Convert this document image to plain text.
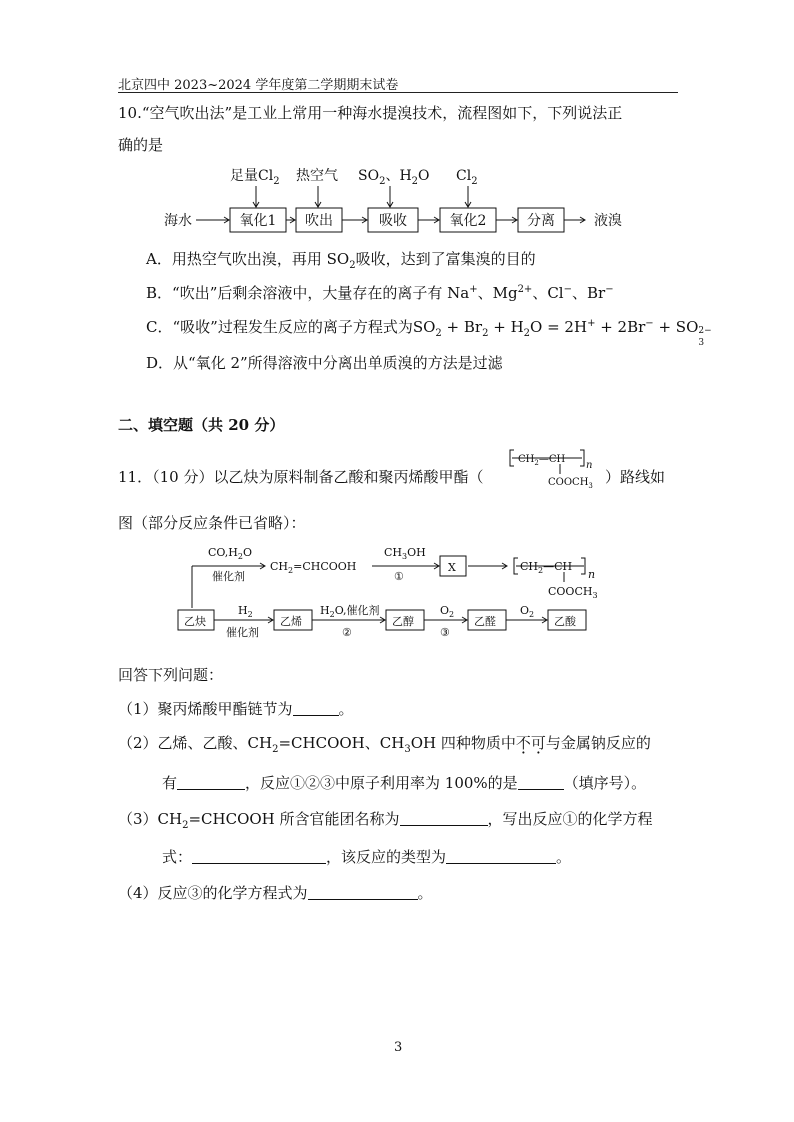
北京四中 2023~2024 学年度第二学期期末试卷
10.“空气吹出法”是工业上常用一种海水提溴技术，流程图如下，下列说法正
确的是
足量$Cl_2$ 热空气 $SO_2$、$H_2O$ $Cl_2$
海水	氧化1 吹出	吸收	氧化2	分离	液溴
A．用热空气吹出溴，再用 $SO_2$吸收，达到了富集溴的目的
B．“吹出”后剩余溶液中，大量存在的离子有 Na+、$Mg^{2+}$、Cl−、Br−
C．“吸收”过程发生反应的离子方程式为$SO_2 + Br_2 + H_2O = 2H^+ + 2Br^-$ + SO
3
2−
D．从“氧化 2”所得溶液中分离出单质溴的方法是过滤
二、填空题（共 20 分）
11．（10 分）以乙炔为原料制备乙酸和聚丙烯酸甲酯（
$CH_2—CH$
n
$COOCH_3$ ）路线如
图（部分反应条件已省略）：
$CO,H_2O$
催化剂
$CH_2=CHCOOH$
$CH_3OH$
①
X	$CH_2—CH$
n
$COOCH_3$
乙炔	乙烯	乙醇	乙醛	乙酸
$H_2$
催化剂
$H_2O$,催化剂
②
$O_2$
③
$O_2$
回答下列问题：
（1）聚丙烯酸甲酯链节为	。
（2）乙烯、乙酸、$CH_2=CHCOOH$、$CH_3OH$ 四种物质中不可与金属钠反应的
有	，反应①②③中原子利用率为 100%的是	（填序号）。
$(3)CH_2=CHCOOH$ 所含官能团名称为	，写出反应①的化学方程
式：	，该反应的类型为	。
（4）反应③的化学方程式为	。
3
